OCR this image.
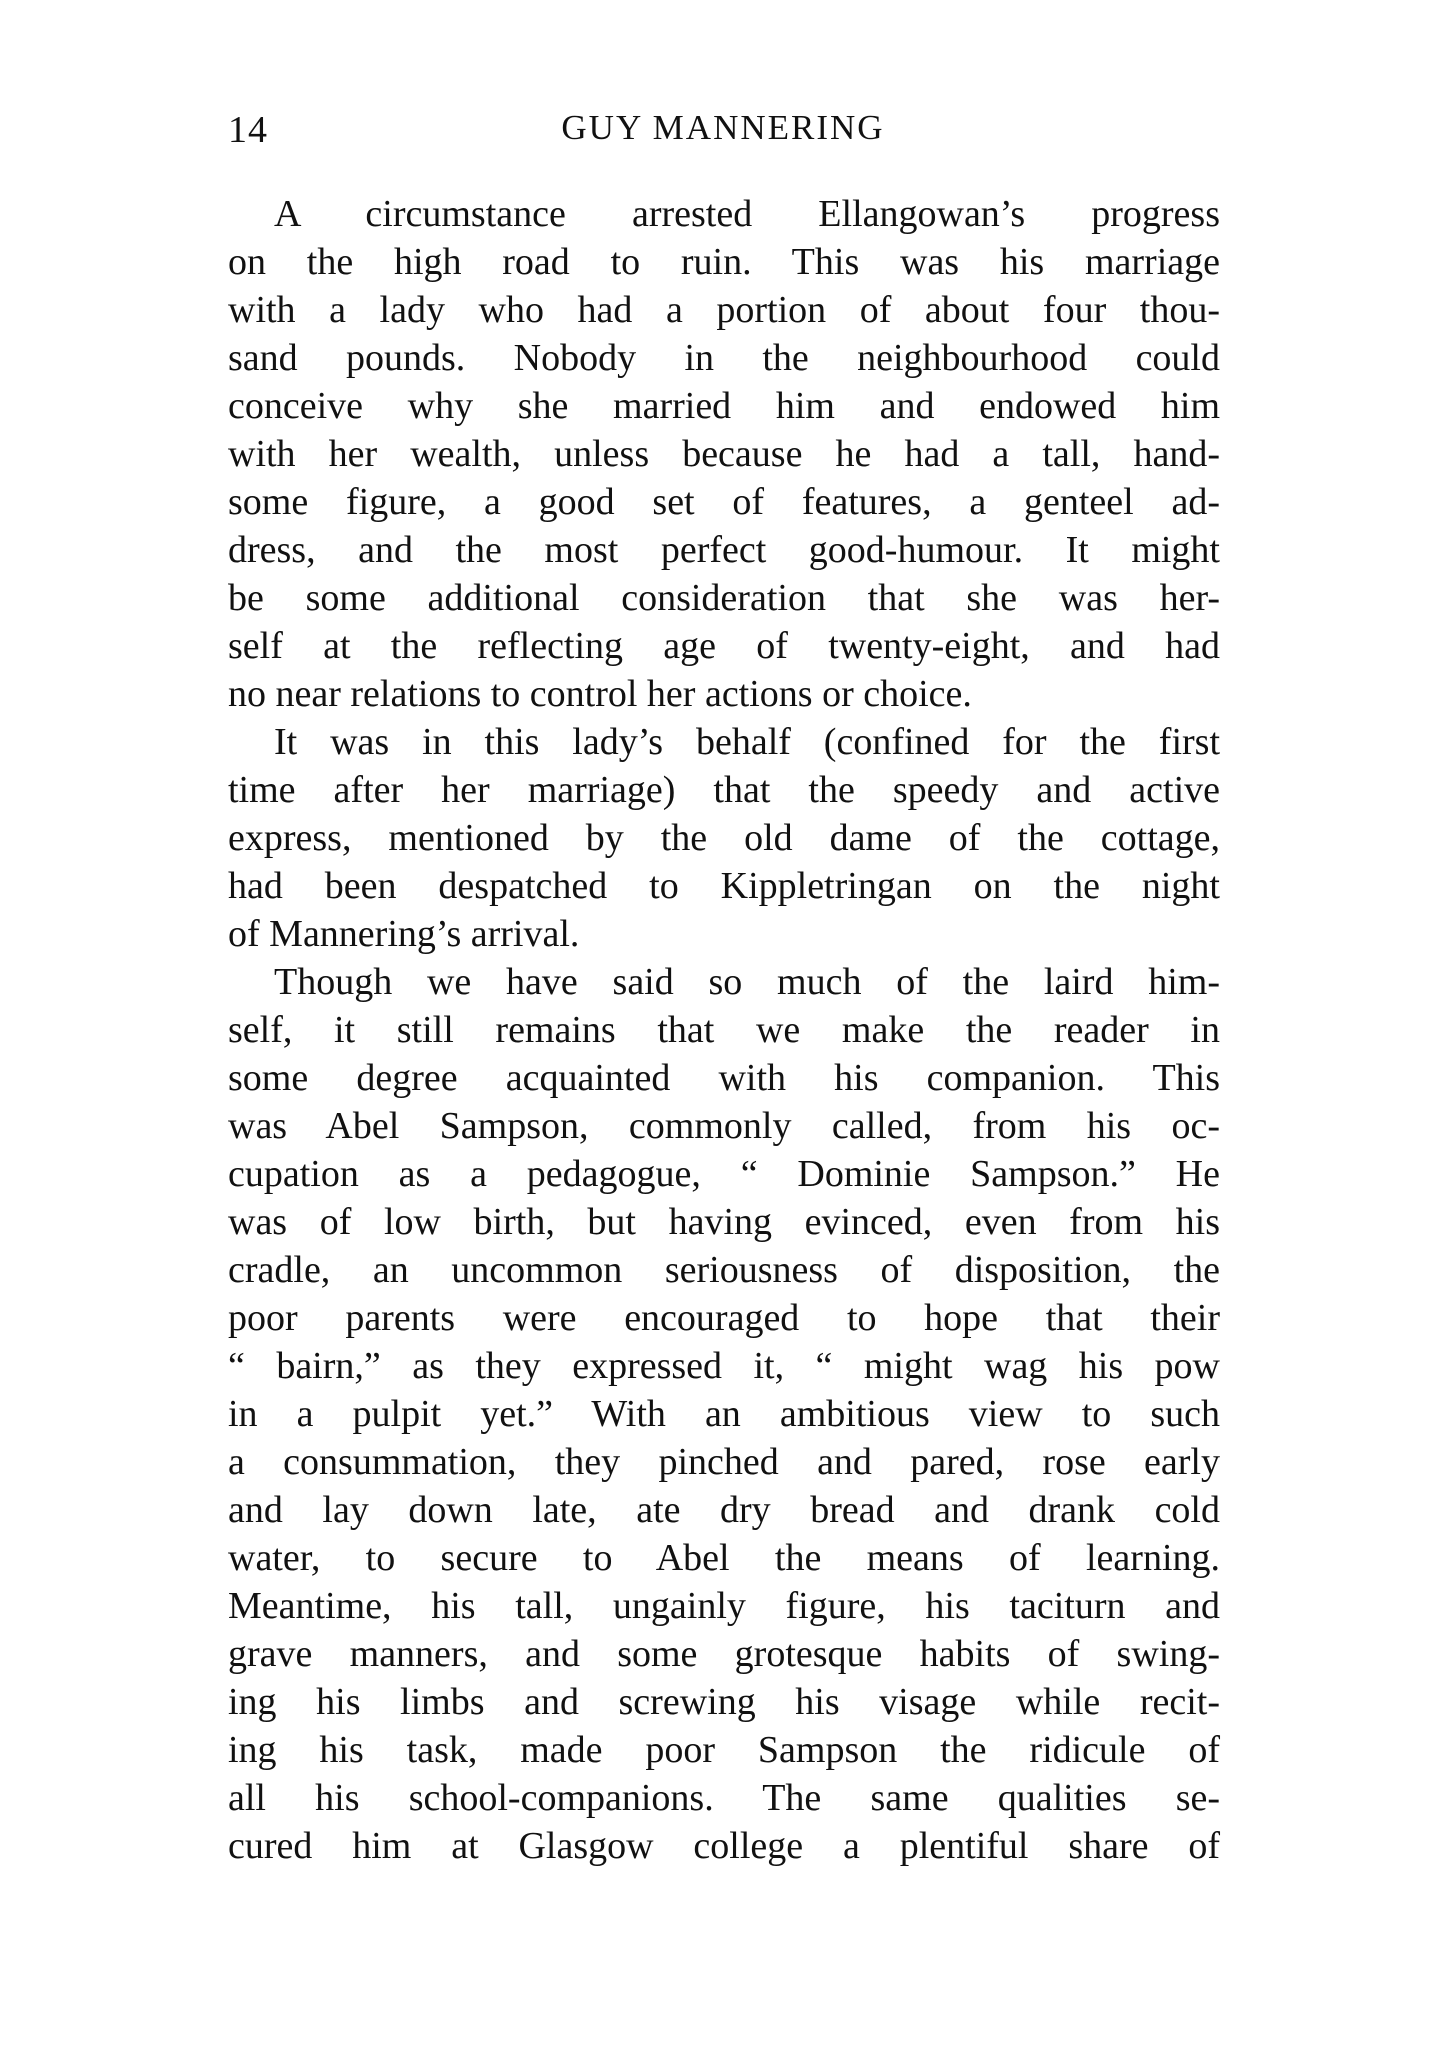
14	GUY MANNERING
A circumstance arrested Ellangowan’s progress
on the high road to ruin. This was his marriage
with a lady who had a portion of about four thou-
sand pounds. Nobody in the neighbourhood could
conceive why she married him and endowed him
with her wealth, unless because he had a tall, hand-
some figure, a good set of features, a genteel ad-
dress, and the most perfect good-humour. It might
be some additional consideration that she was her-
self at the reflecting age of twenty-eight, and had
no near relations to control her actions or choice.
It was in this lady’s behalf (confined for the first
time after her marriage) that the speedy and active
express, mentioned by the old dame of the cottage,
had been despatched to Kippletringan on the night
of Mannering’s arrival.
Though we have said so much of the laird him-
self, it still remains that we make the reader in
some degree acquainted with his companion. This
was Abel Sampson, commonly called, from his oc-
cupation as a pedagogue, “ Dominie Sampson.” He
was of low birth, but having evinced, even from his
cradle, an uncommon seriousness of disposition, the
poor parents were encouraged to hope that their
“ bairn,” as they expressed it, “ might wag his pow
in a pulpit yet.” With an ambitious view to such
a consummation, they pinched and pared, rose early
and lay down late, ate dry bread and drank cold
water, to secure to Abel the means of learning.
Meantime, his tall, ungainly figure, his taciturn and
grave manners, and some grotesque habits of swing-
ing his limbs and screwing his visage while recit-
ing his task, made poor Sampson the ridicule of
all his school-companions. The same qualities se-
cured him at Glasgow college a plentiful share of
